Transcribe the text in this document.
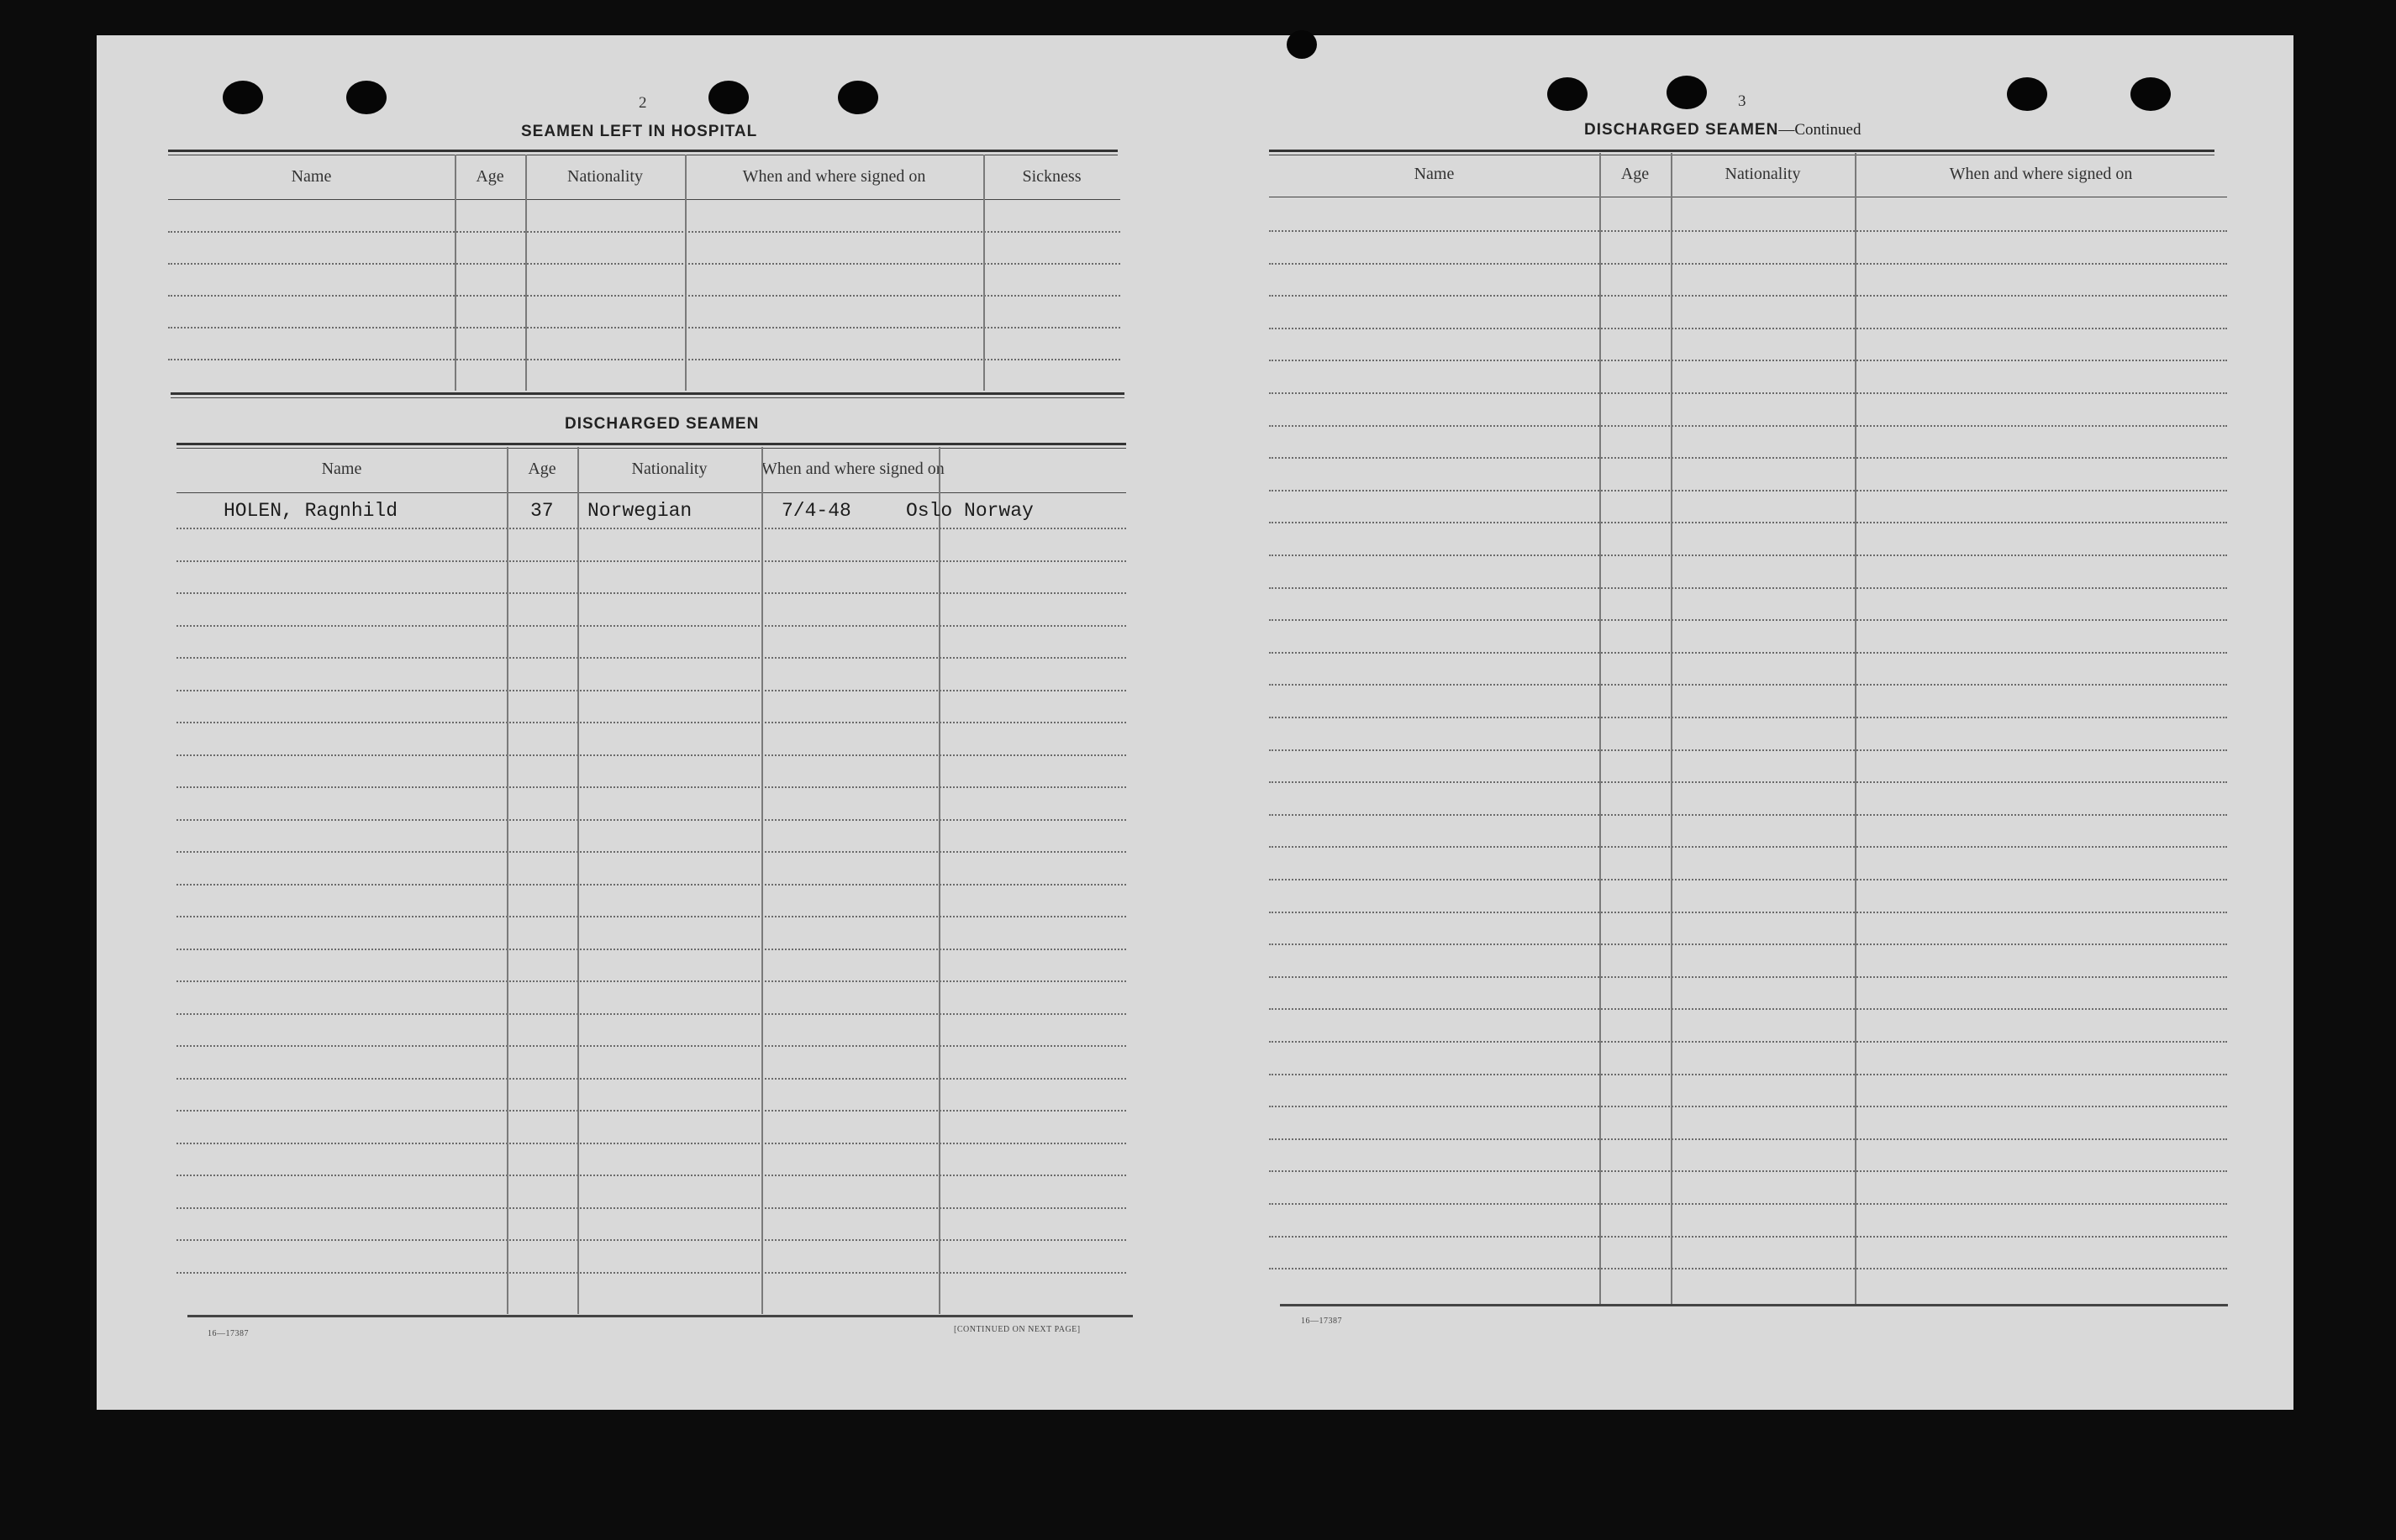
2
SEAMEN LEFT IN HOSPITAL
DISCHARGED SEAMEN
16—17387	[CONTINUED ON NEXT PAGE]
3
DISCHARGED SEAMEN—Continued
16—17387
Name	Age	Nationality	When and where signed on	Sickness
Name	Age	Nationality	When and where signed on
Name	Age	Nationality	When and where signed on
HOLEN, Ragnhild	37 Norwegian	7/4-48	Oslo Norway
